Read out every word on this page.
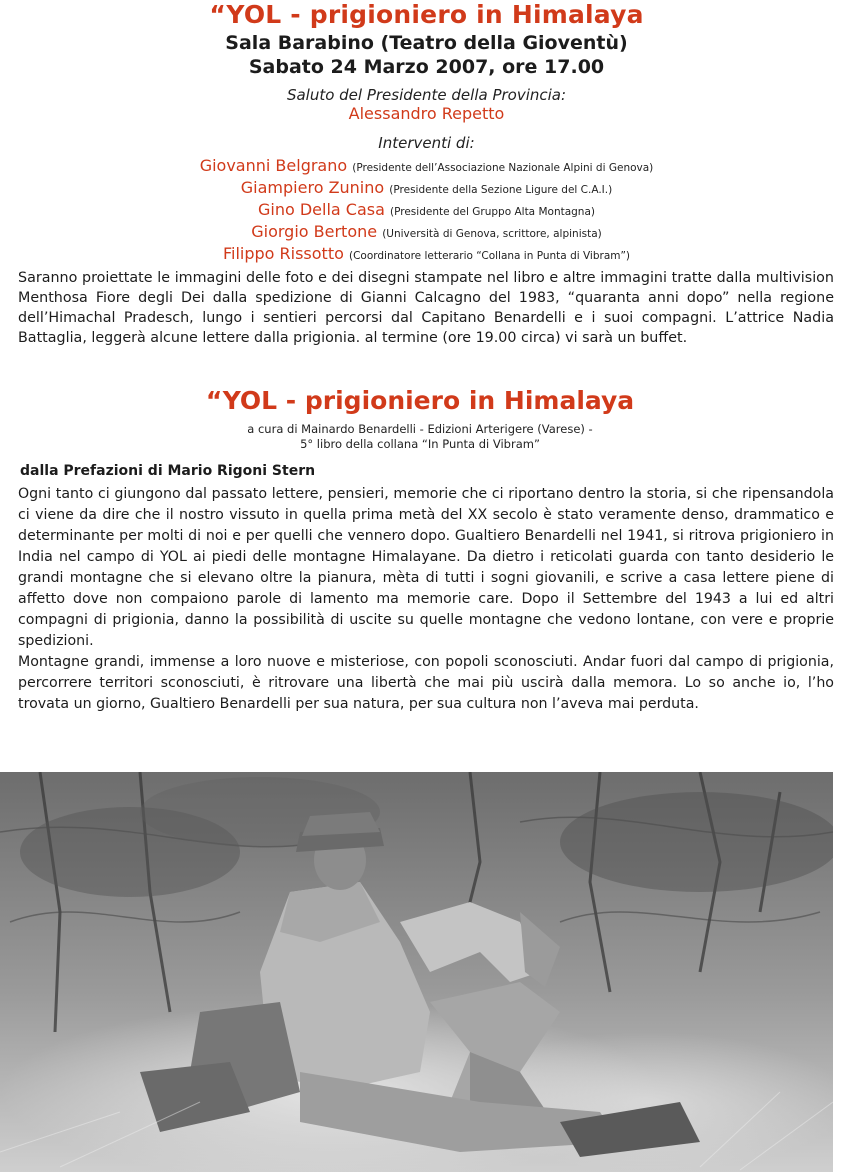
“YOL - prigioniero in Himalaya
Sala Barabino (Teatro della Gioventù)
Sabato 24 Marzo 2007, ore 17.00
Saluto del Presidente della Provincia:
Alessandro Repetto
Interventi di:
Giovanni Belgrano (Presidente dell’Associazione Nazionale Alpini di Genova)
Giampiero Zunino (Presidente della Sezione Ligure del C.A.I.)
Gino Della Casa (Presidente del Gruppo Alta Montagna)
Giorgio Bertone (Università di Genova, scrittore, alpinista)
Filippo Rissotto (Coordinatore letterario “Collana in Punta di Vibram”)

Saranno proiettate le immagini delle foto e dei disegni stampate nel libro e altre immagini tratte dalla multivision Menthosa Fiore degli Dei dalla spedizione di Gianni Calcagno del 1983, “quaranta anni dopo” nella regione dell’Himachal Pradesch, lungo i sentieri percorsi dal Capitano Benardelli e i suoi compagni. L’attrice Nadia Battaglia, leggerà alcune lettere dalla prigionia. al termine (ore 19.00 circa) vi sarà un buffet.

“YOL - prigioniero in Himalaya
a cura di Mainardo Benardelli - Edizioni Arterigere (Varese) -
5° libro della collana “In Punta di Vibram”
dalla Prefazioni di Mario Rigoni Stern

Ogni tanto ci giungono dal passato lettere, pensieri, memorie che ci riportano dentro la storia, si che ripensandola ci viene da dire che il nostro vissuto in quella prima metà del XX secolo è stato veramente denso, drammatico e determinante per molti di noi e per quelli che vennero dopo. Gualtiero Benardelli nel 1941, si ritrova prigioniero in India nel campo di YOL ai piedi delle montagne Himalayane. Da dietro i reticolati guarda con tanto desiderio le grandi montagne che si elevano oltre la pianura, mèta di tutti i sogni giovanili, e scrive a casa lettere piene di affetto dove non compaiono parole di lamento ma memorie care. Dopo il Settembre del 1943 a lui ed altri compagni di prigionia, danno la possibilità di uscite su quelle montagne che vedono lontane, con vere e proprie spedizioni.

Montagne grandi, immense a loro nuove e misteriose, con popoli sconosciuti. Andar fuori dal campo di prigionia, percorrere territori sconosciuti, è ritrovare una libertà che mai più uscirà dalla memora. Lo so anche io, l’ho trovata un giorno, Gualtiero Benardelli per sua natura, per sua cultura non l’aveva mai perduta.
